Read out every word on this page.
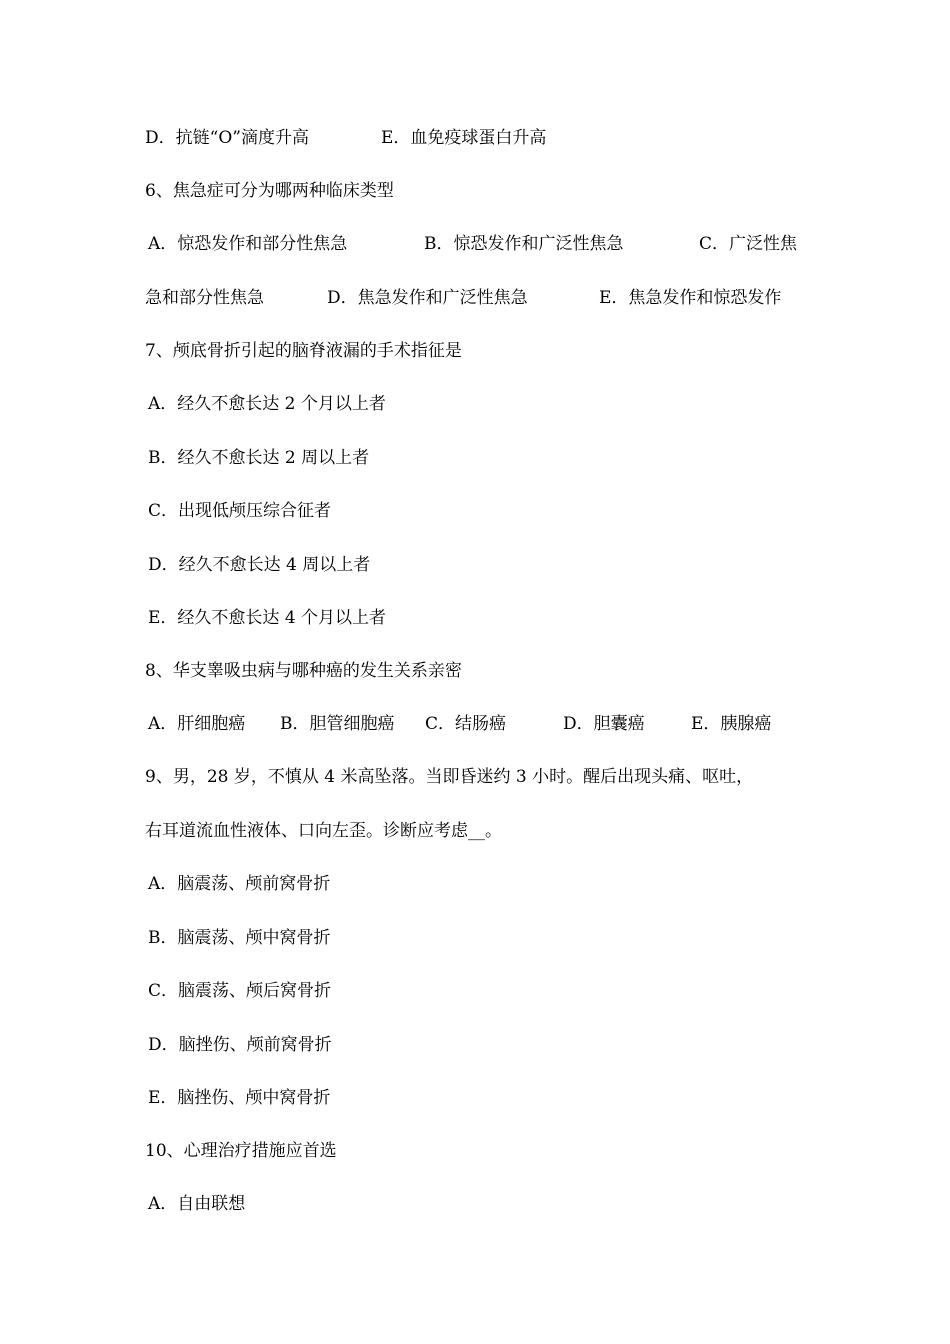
D．抗链“O”滴度升高	E．血免疫球蛋白升高
6、焦急症可分为哪两种临床类型
A．惊恐发作和部分性焦急	B．惊恐发作和广泛性焦急	C．广泛性焦
急和部分性焦急	D．焦急发作和广泛性焦急	E．焦急发作和惊恐发作
7、颅底骨折引起的脑脊液漏的手术指征是
A．经久不愈长达 2 个月以上者
B．经久不愈长达 2 周以上者
C．出现低颅压综合征者
D．经久不愈长达 4 周以上者
E．经久不愈长达 4 个月以上者
8、华支睾吸虫病与哪种癌的发生关系亲密
A．肝细胞癌 B．胆管细胞癌 C．结肠癌	D．胆囊癌	E．胰腺癌
9、男，28 岁，不慎从 4 米高坠落。当即昏迷约 3 小时。醒后出现头痛、呕吐，
右耳道流血性液体、口向左歪。诊断应考虑__。
A．脑震荡、颅前窝骨折
B．脑震荡、颅中窝骨折
C．脑震荡、颅后窝骨折
D．脑挫伤、颅前窝骨折
E．脑挫伤、颅中窝骨折
10、心理治疗措施应首选
A．自由联想
